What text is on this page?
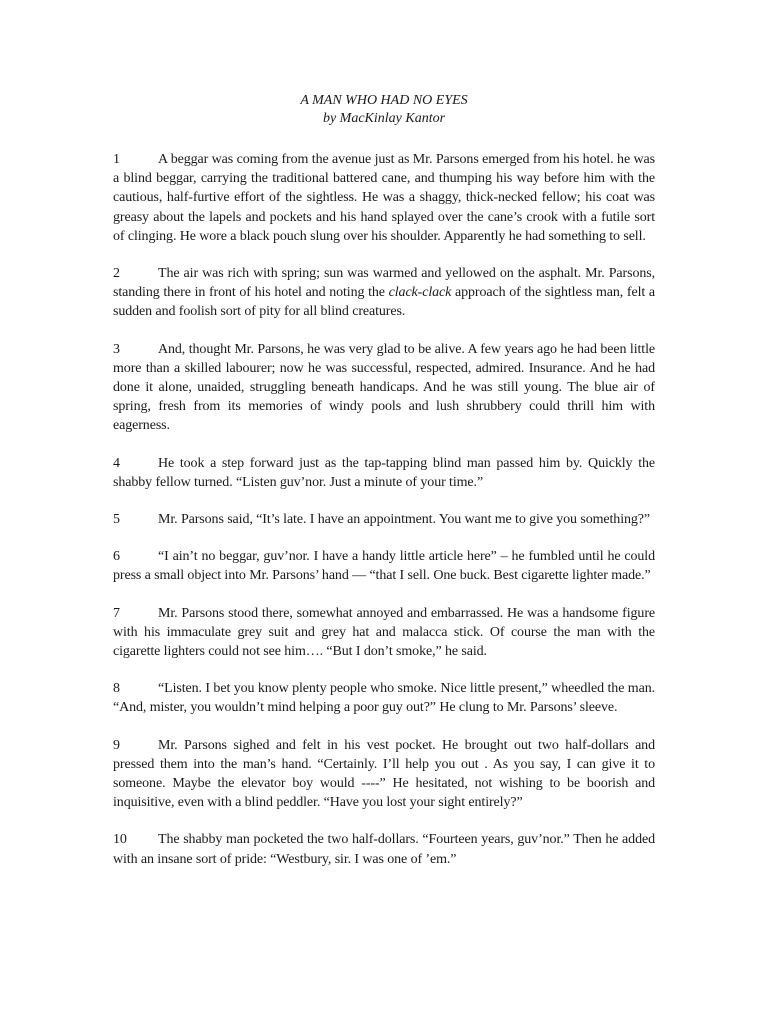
A MAN WHO HAD NO EYES
by MacKinlay Kantor

1	A beggar was coming from the avenue just as Mr. Parsons emerged from his hotel. he was a blind beggar, carrying the traditional battered cane, and thumping his way before him with the cautious, half-furtive effort of the sightless. He was a shaggy, thick-necked fellow; his coat was greasy about the lapels and pockets and his hand splayed over the cane’s crook with a futile sort of clinging. He wore a black pouch slung over his shoulder. Apparently he had something to sell.

2	The air was rich with spring; sun was warmed and yellowed on the asphalt. Mr. Parsons, standing there in front of his hotel and noting the clack-clack approach of the sightless man, felt a sudden and foolish sort of pity for all blind creatures.

3	And, thought Mr. Parsons, he was very glad to be alive. A few years ago he had been little more than a skilled labourer; now he was successful, respected, admired. Insurance. And he had done it alone, unaided, struggling beneath handicaps. And he was still young. The blue air of spring, fresh from its memories of windy pools and lush shrubbery could thrill him with eagerness.

4	He took a step forward just as the tap-tapping blind man passed him by. Quickly the shabby fellow turned. “Listen guv’nor. Just a minute of your time.”

5	Mr. Parsons said, “It’s late. I have an appointment. You want me to give you something?”

6	“I ain’t no beggar, guv’nor. I have a handy little article here” – he fumbled until he could press a small object into Mr. Parsons’ hand — “that I sell. One buck. Best cigarette lighter made.”

7	Mr. Parsons stood there, somewhat annoyed and embarrassed. He was a handsome figure with his immaculate grey suit and grey hat and malacca stick. Of course the man with the cigarette lighters could not see him…. “But I don’t smoke,” he said.

8	“Listen. I bet you know plenty people who smoke. Nice little present,” wheedled the man. “And, mister, you wouldn’t mind helping a poor guy out?” He clung to Mr. Parsons’ sleeve.

9	Mr. Parsons sighed and felt in his vest pocket. He brought out two half-dollars and pressed them into the man’s hand. “Certainly. I’ll help you out . As you say, I can give it to someone. Maybe the elevator boy would ----” He hesitated, not wishing to be boorish and inquisitive, even with a blind peddler. “Have you lost your sight entirely?”

10 The shabby man pocketed the two half-dollars. “Fourteen years, guv’nor.” Then he added with an insane sort of pride: “Westbury, sir. I was one of ’em.”
